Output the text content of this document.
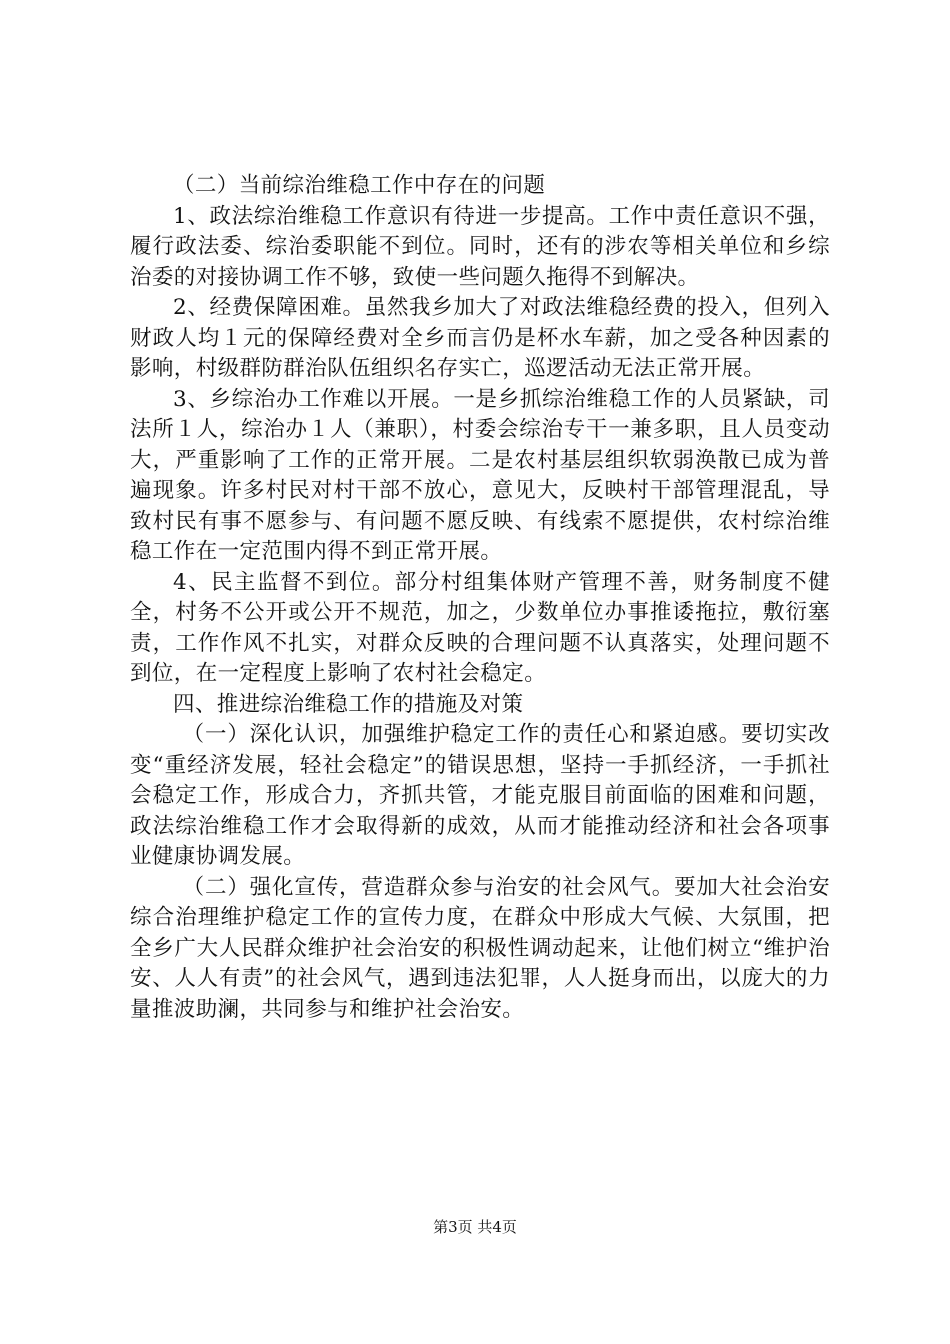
（二）当前综治维稳工作中存在的问题

1、政法综治维稳工作意识有待进一步提高。工作中责任意识不强，履行政法委、综治委职能不到位。同时，还有的涉农等相关单位和乡综治委的对接协调工作不够，致使一些问题久拖得不到解决。

2、经费保障困难。虽然我乡加大了对政法维稳经费的投入，但列入财政人均１元的保障经费对全乡而言仍是杯水车薪，加之受各种因素的影响，村级群防群治队伍组织名存实亡，巡逻活动无法正常开展。

3、乡综治办工作难以开展。一是乡抓综治维稳工作的人员紧缺，司法所１人，综治办１人（兼职），村委会综治专干一兼多职，且人员变动大，严重影响了工作的正常开展。二是农村基层组织软弱涣散已成为普遍现象。许多村民对村干部不放心，意见大，反映村干部管理混乱，导致村民有事不愿参与、有问题不愿反映、有线索不愿提供，农村综治维稳工作在一定范围内得不到正常开展。

4、民主监督不到位。部分村组集体财产管理不善，财务制度不健全，村务不公开或公开不规范，加之，少数单位办事推诿拖拉，敷衍塞责，工作作风不扎实，对群众反映的合理问题不认真落实，处理问题不到位，在一定程度上影响了农村社会稳定。

四、推进综治维稳工作的措施及对策

（一）深化认识，加强维护稳定工作的责任心和紧迫感。要切实改变“重经济发展，轻社会稳定”的错误思想，坚持一手抓经济，一手抓社会稳定工作，形成合力，齐抓共管，才能克服目前面临的困难和问题，政法综治维稳工作才会取得新的成效，从而才能推动经济和社会各项事业健康协调发展。

（二）强化宣传，营造群众参与治安的社会风气。要加大社会治安综合治理维护稳定工作的宣传力度，在群众中形成大气候、大氛围，把全乡广大人民群众维护社会治安的积极性调动起来，让他们树立“维护治安、人人有责”的社会风气，遇到违法犯罪，人人挺身而出，以庞大的力量推波助澜，共同参与和维护社会治安。

第3页 共4页
